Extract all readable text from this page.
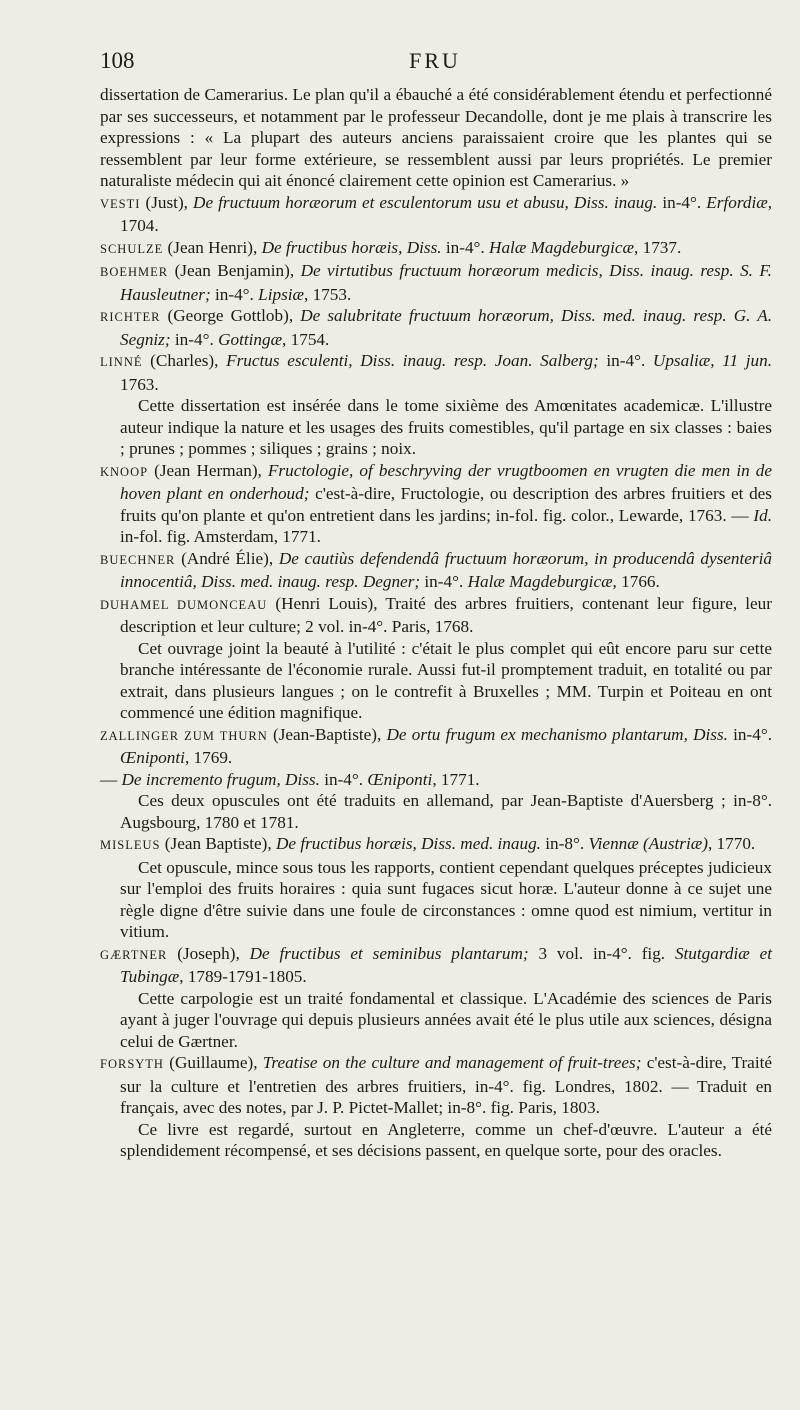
108	FRU

dissertation de Camerarius. Le plan qu'il a ébauché a été considérablement étendu et perfectionné par ses successeurs, et notamment par le professeur Decandolle, dont je me plais à transcrire les expressions : « La plupart des auteurs anciens paraissaient croire que les plantes qui se ressemblent par leur forme extérieure, se ressemblent aussi par leurs propriétés. Le premier naturaliste médecin qui ait énoncé clairement cette opinion est Camerarius. »

VESTI (Just), De fructuum horæorum et esculentorum usu et abusu, Diss. inaug. in-4°. Erfordiæ, 1704.

SCHULZE (Jean Henri), De fructibus horæis, Diss. in-4°. Halæ Magdeburgicæ, 1737.

BOEHMER (Jean Benjamin), De virtutibus fructuum horæorum medicis, Diss. inaug. resp. S. F. Hausleutner; in-4°. Lipsiæ, 1753.

RICHTER (George Gottlob), De salubritate fructuum horæorum, Diss. med. inaug. resp. G. A. Segniz; in-4°. Gottingæ, 1754.

LINNÉ (Charles), Fructus esculenti, Diss. inaug. resp. Joan. Salberg; in-4°. Upsaliæ, 11 jun. 1763.

Cette dissertation est insérée dans le tome sixième des Amœnitates academicæ. L'illustre auteur indique la nature et les usages des fruits comestibles, qu'il partage en six classes : baies ; prunes ; pommes ; siliques ; grains ; noix.

KNOOP (Jean Herman), Fructologie, of beschryving der vrugtboomen en vrugten die men in de hoven plant en onderhoud; c'est-à-dire, Fructologie, ou description des arbres fruitiers et des fruits qu'on plante et qu'on entretient dans les jardins; in-fol. fig. color., Lewarde, 1763. — Id. in-fol. fig. Amsterdam, 1771.

BUECHNER (André Élie), De cautiùs defendendâ fructuum horæorum, in producendâ dysenteriâ innocentiâ, Diss. med. inaug. resp. Degner; in-4°. Halæ Magdeburgicæ, 1766.

DUHAMEL DUMONCEAU (Henri Louis), Traité des arbres fruitiers, contenant leur figure, leur description et leur culture; 2 vol. in-4°. Paris, 1768.

Cet ouvrage joint la beauté à l'utilité : c'était le plus complet qui eût encore paru sur cette branche intéressante de l'économie rurale. Aussi fut-il promptement traduit, en totalité ou par extrait, dans plusieurs langues ; on le contrefit à Bruxelles ; MM. Turpin et Poiteau en ont commencé une édition magnifique.

ZALLINGER ZUM THURN (Jean-Baptiste), De ortu frugum ex mechanismo plantarum, Diss. in-4°. Œniponti, 1769.

— De incremento frugum, Diss. in-4°. Œniponti, 1771.

Ces deux opuscules ont été traduits en allemand, par Jean-Baptiste d'Auersberg ; in-8°. Augsbourg, 1780 et 1781.

MISLEUS (Jean Baptiste), De fructibus horæis, Diss. med. inaug. in-8°. Viennæ (Austriæ), 1770.

Cet opuscule, mince sous tous les rapports, contient cependant quelques préceptes judicieux sur l'emploi des fruits horaires : quia sunt fugaces sicut horæ. L'auteur donne à ce sujet une règle digne d'être suivie dans une foule de circonstances : omne quod est nimium, vertitur in vitium.

GÆRTNER (Joseph), De fructibus et seminibus plantarum; 3 vol. in-4°. fig. Stutgardiæ et Tubingæ, 1789-1791-1805.

Cette carpologie est un traité fondamental et classique. L'Académie des sciences de Paris ayant à juger l'ouvrage qui depuis plusieurs années avait été le plus utile aux sciences, désigna celui de Gærtner.

FORSYTH (Guillaume), Treatise on the culture and management of fruit-trees; c'est-à-dire, Traité sur la culture et l'entretien des arbres fruitiers, in-4°. fig. Londres, 1802. — Traduit en français, avec des notes, par J. P. Pictet-Mallet; in-8°. fig. Paris, 1803.

Ce livre est regardé, surtout en Angleterre, comme un chef-d'œuvre. L'auteur a été splendidement récompensé, et ses décisions passent, en quelque sorte, pour des oracles.
